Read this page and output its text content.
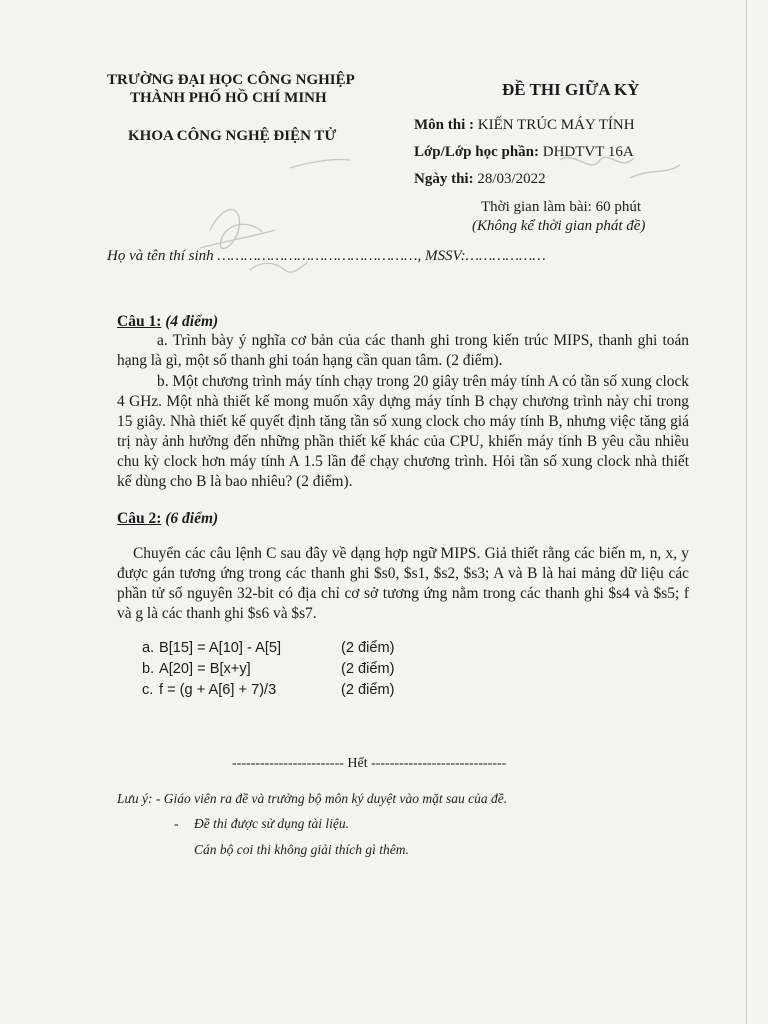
TRƯỜNG ĐẠI HỌC CÔNG NGHIỆP
THÀNH PHỐ HỒ CHÍ MINH
KHOA CÔNG NGHỆ ĐIỆN TỬ
ĐỀ THI GIỮA KỲ
Môn thi : KIẾN TRÚC MÁY TÍNH
Lớp/Lớp học phần: DHDTVT 16A
Ngày thi: 28/03/2022
Thời gian làm bài: 60 phút
(Không kể thời gian phát đề)
Họ và tên thí sinh ………………………………………, MSSV:………………
Câu 1: (4 điểm)
a. Trình bày ý nghĩa cơ bản của các thanh ghi trong kiến trúc MIPS, thanh ghi toán hạng là gì, một số thanh ghi toán hạng cần quan tâm. (2 điểm).
b. Một chương trình máy tính chạy trong 20 giây trên máy tính A có tần số xung clock 4 GHz. Một nhà thiết kế mong muốn xây dựng máy tính B chạy chương trình này chỉ trong 15 giây. Nhà thiết kế quyết định tăng tần số xung clock cho máy tính B, nhưng việc tăng giá trị này ảnh hưởng đến những phần thiết kế khác của CPU, khiến máy tính B yêu cầu nhiều chu kỳ clock hơn máy tính A 1.5 lần để chạy chương trình. Hỏi tần số xung clock nhà thiết kế dùng cho B là bao nhiêu? (2 điểm).
Câu 2: (6 điểm)
Chuyển các câu lệnh C sau đây về dạng hợp ngữ MIPS. Giả thiết rằng các biến m, n, x, y được gán tương ứng trong các thanh ghi $s0, $s1, $s2, $s3; A và B là hai mảng dữ liệu các phần tử số nguyên 32-bit có địa chỉ cơ sở tương ứng nằm trong các thanh ghi $s4 và $s5; f và g là các thanh ghi $s6 và $s7.
a. B[15] = A[10] - A[5]	(2 điểm)
b. A[20] = B[x+y]	(2 điểm)
c. f = (g + A[6] + 7)/3	(2 điểm)
------------------------ Hết -----------------------------
Lưu ý: - Giáo viên ra đề và trưởng bộ môn ký duyệt vào mặt sau của đề.
- Đề thi được sử dụng tài liệu.
Cán bộ coi thi không giải thích gì thêm.
